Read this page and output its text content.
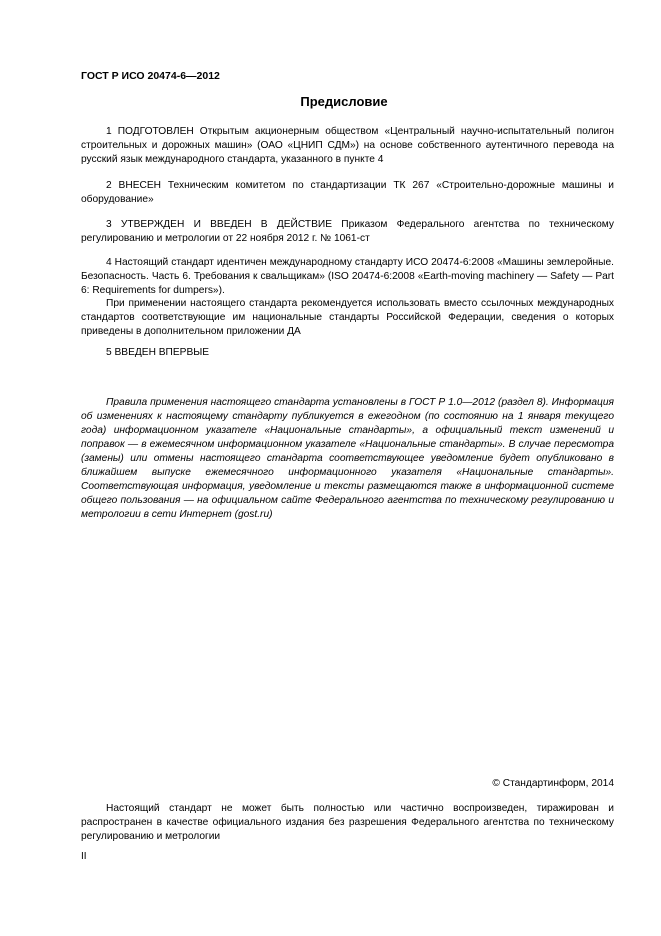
ГОСТ Р ИСО 20474-6—2012
Предисловие

1 ПОДГОТОВЛЕН Открытым акционерным обществом «Центральный научно-испытательный полигон строительных и дорожных машин» (ОАО «ЦНИП СДМ») на основе собственного аутентичного перевода на русский язык международного стандарта, указанного в пункте 4

2 ВНЕСЕН Техническим комитетом по стандартизации ТК 267 «Строительно-дорожные машины и оборудование»

3 УТВЕРЖДЕН И ВВЕДЕН В ДЕЙСТВИЕ Приказом Федерального агентства по техническому регулированию и метрологии от 22 ноября 2012 г. № 1061-ст

4 Настоящий стандарт идентичен международному стандарту ИСО 20474-6:2008 «Машины землеройные. Безопасность. Часть 6. Требования к свальщикам» (ISO 20474-6:2008 «Earth-moving machinery — Safety — Part 6: Requirements for dumpers»).

При применении настоящего стандарта рекомендуется использовать вместо ссылочных международных стандартов соответствующие им национальные стандарты Российской Федерации, сведения о которых приведены в дополнительном приложении ДА

5 ВВЕДЕН ВПЕРВЫЕ

Правила применения настоящего стандарта установлены в ГОСТ Р 1.0—2012 (раздел 8). Информация об изменениях к настоящему стандарту публикуется в ежегодном (по состоянию на 1 января текущего года) информационном указателе «Национальные стандарты», а официальный текст изменений и поправок — в ежемесячном информационном указателе «Национальные стандарты». В случае пересмотра (замены) или отмены настоящего стандарта соответствующее уведомление будет опубликовано в ближайшем выпуске ежемесячного информационного указателя «Национальные стандарты». Соответствующая информация, уведомление и тексты размещаются также в информационной системе общего пользования — на официальном сайте Федерального агентства по техническому регулированию и метрологии в сети Интернет (gost.ru)

© Стандартинформ, 2014

Настоящий стандарт не может быть полностью или частично воспроизведен, тиражирован и распространен в качестве официального издания без разрешения Федерального агентства по техническому регулированию и метрологии

II
